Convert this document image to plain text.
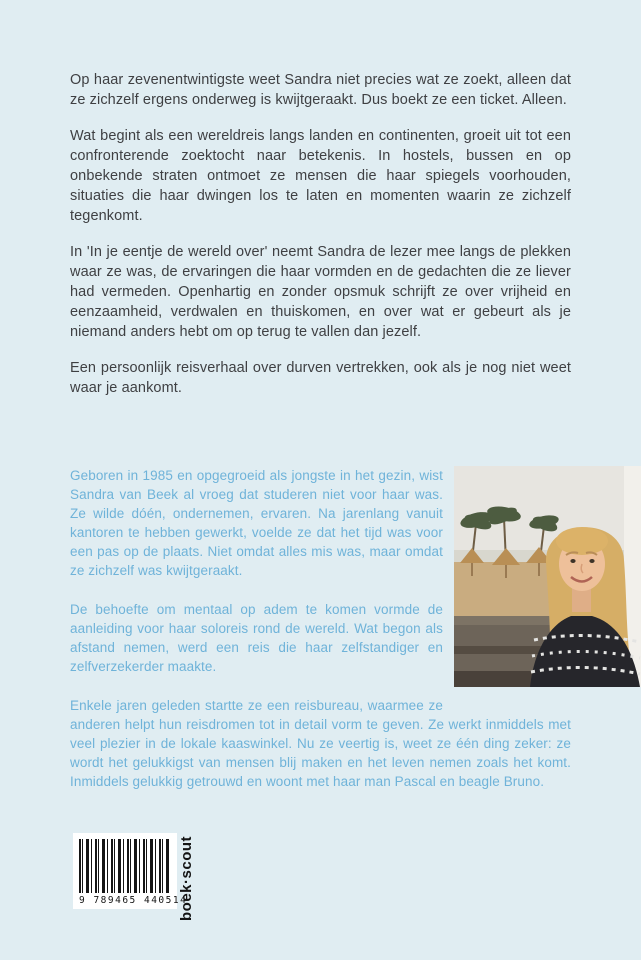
Op haar zevenentwintigste weet Sandra niet precies wat ze zoekt, alleen dat ze zichzelf ergens onderweg is kwijtgeraakt. Dus boekt ze een ticket. Alleen.

Wat begint als een wereldreis langs landen en continenten, groeit uit tot een confronterende zoektocht naar betekenis. In hostels, bussen en op onbekende straten ontmoet ze mensen die haar spiegels voorhouden, situaties die haar dwingen los te laten en momenten waarin ze zichzelf tegenkomt.

In 'In je eentje de wereld over' neemt Sandra de lezer mee langs de plekken waar ze was, de ervaringen die haar vormden en de gedachten die ze liever had vermeden. Openhartig en zonder opsmuk schrijft ze over vrijheid en eenzaamheid, verdwalen en thuiskomen, en over wat er gebeurt als je niemand anders hebt om op terug te vallen dan jezelf.

Een persoonlijk reisverhaal over durven vertrekken, ook als je nog niet weet waar je aankomt.

Geboren in 1985 en opgegroeid als jongste in het gezin, wist Sandra van Beek al vroeg dat studeren niet voor haar was. Ze wilde dóén, ondernemen, ervaren. Na jarenlang vanuit kantoren te hebben gewerkt, voelde ze dat het tijd was voor een pas op de plaats. Niet omdat alles mis was, maar omdat ze zichzelf was kwijtgeraakt.

De behoefte om mentaal op adem te komen vormde de aanleiding voor haar soloreis rond de wereld. Wat begon als afstand nemen, werd een reis die haar zelfstandiger en zelfverzekerder maakte.

Enkele jaren geleden startte ze een reisbureau, waarmee ze anderen helpt hun reisdromen tot in detail vorm te geven. Ze werkt inmiddels met veel plezier in de lokale kaaswinkel. Nu ze veertig is, weet ze één ding zeker: ze wordt het gelukkigst van mensen blij maken en het leven nemen zoals het komt. Inmiddels gelukkig getrouwd en woont met haar man Pascal en beagle Bruno.

9 789465 440514
boek·scout
